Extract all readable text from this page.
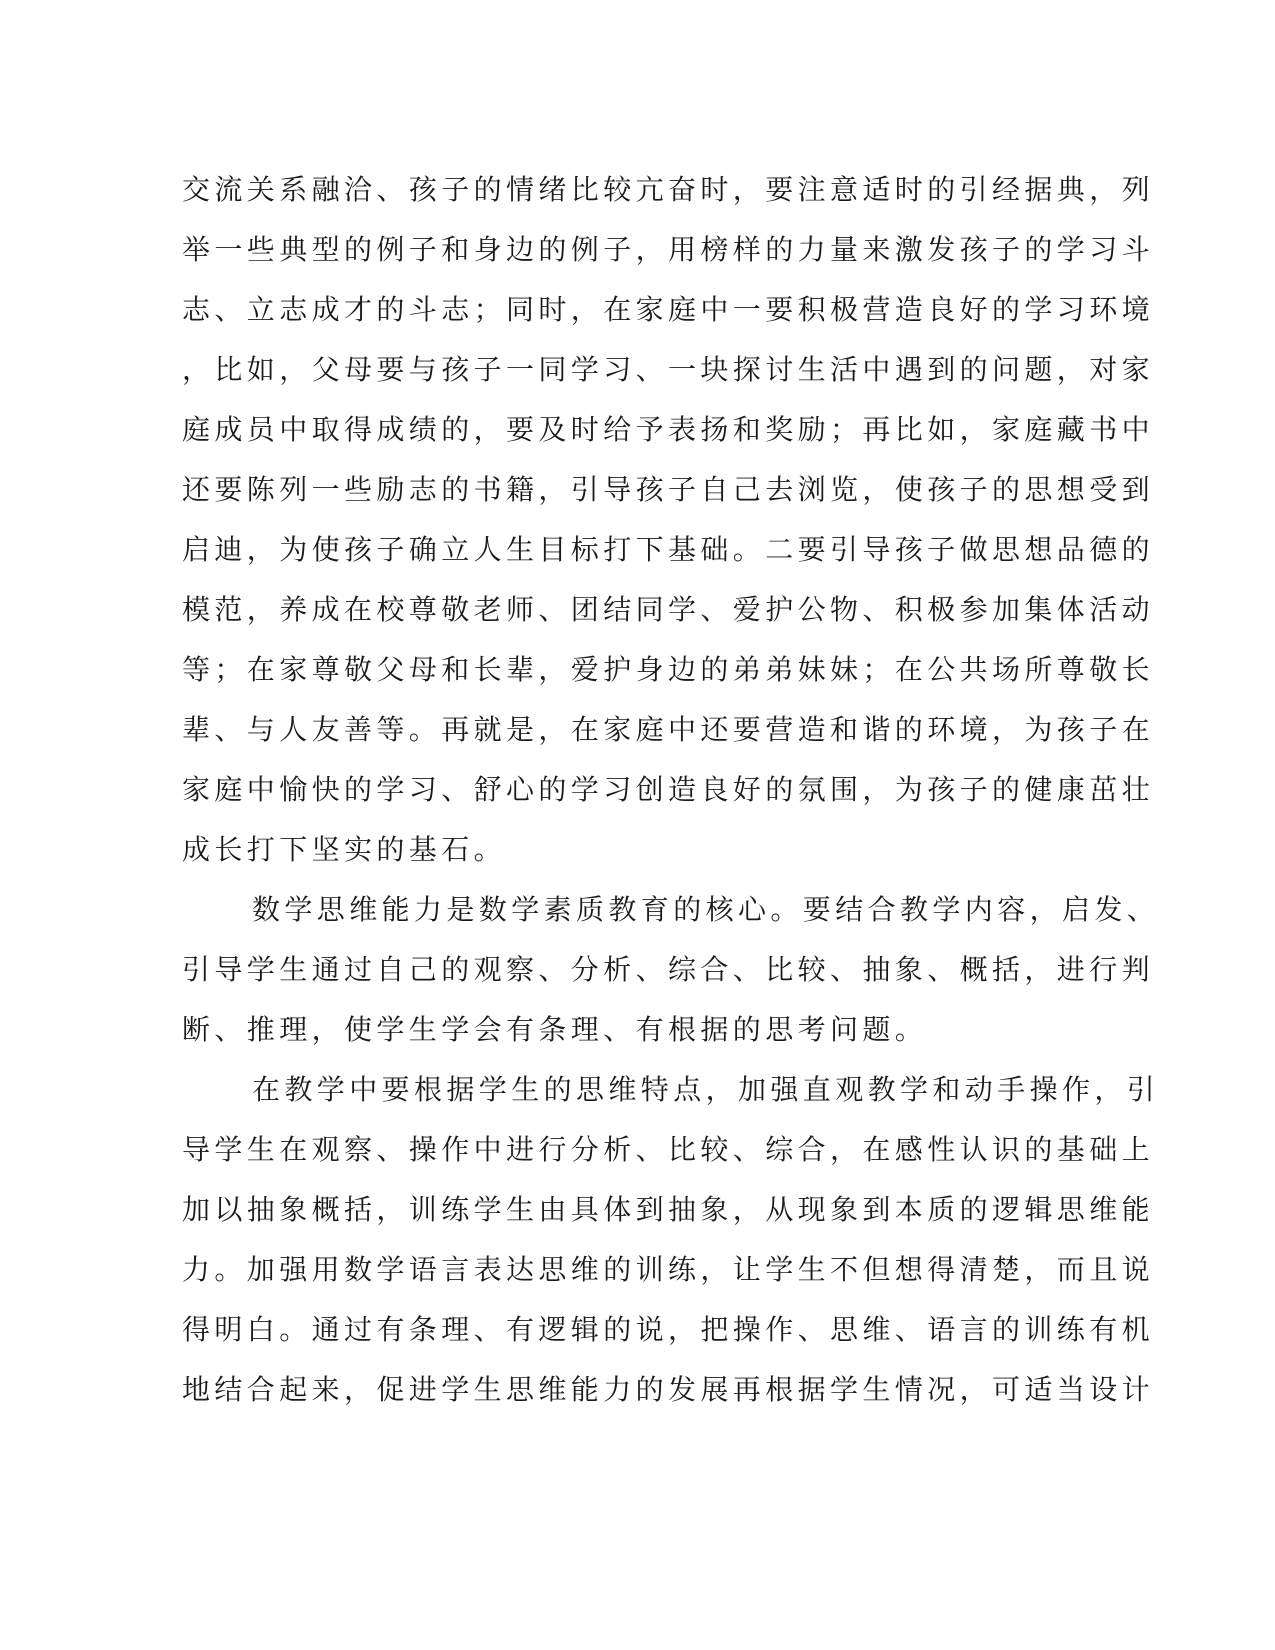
交流关系融洽、孩子的情绪比较亢奋时，要注意适时的引经据典，列
举一些典型的例子和身边的例子，用榜样的力量来激发孩子的学习斗
志、立志成才的斗志；同时，在家庭中一要积极营造良好的学习环境
，比如，父母要与孩子一同学习、一块探讨生活中遇到的问题，对家
庭成员中取得成绩的，要及时给予表扬和奖励；再比如，家庭藏书中
还要陈列一些励志的书籍，引导孩子自己去浏览，使孩子的思想受到
启迪，为使孩子确立人生目标打下基础。二要引导孩子做思想品德的
模范，养成在校尊敬老师、团结同学、爱护公物、积极参加集体活动
等；在家尊敬父母和长辈，爱护身边的弟弟妹妹；在公共场所尊敬长
辈、与人友善等。再就是，在家庭中还要营造和谐的环境，为孩子在
家庭中愉快的学习、舒心的学习创造良好的氛围，为孩子的健康茁壮
成长打下坚实的基石。
数学思维能力是数学素质教育的核心。要结合教学内容，启发、
引导学生通过自己的观察、分析、综合、比较、抽象、概括，进行判
断、推理，使学生学会有条理、有根据的思考问题。
在教学中要根据学生的思维特点，加强直观教学和动手操作，引
导学生在观察、操作中进行分析、比较、综合，在感性认识的基础上
加以抽象概括，训练学生由具体到抽象，从现象到本质的逻辑思维能
力。加强用数学语言表达思维的训练，让学生不但想得清楚，而且说
得明白。通过有条理、有逻辑的说，把操作、思维、语言的训练有机
地结合起来，促进学生思维能力的发展再根据学生情况，可适当设计
